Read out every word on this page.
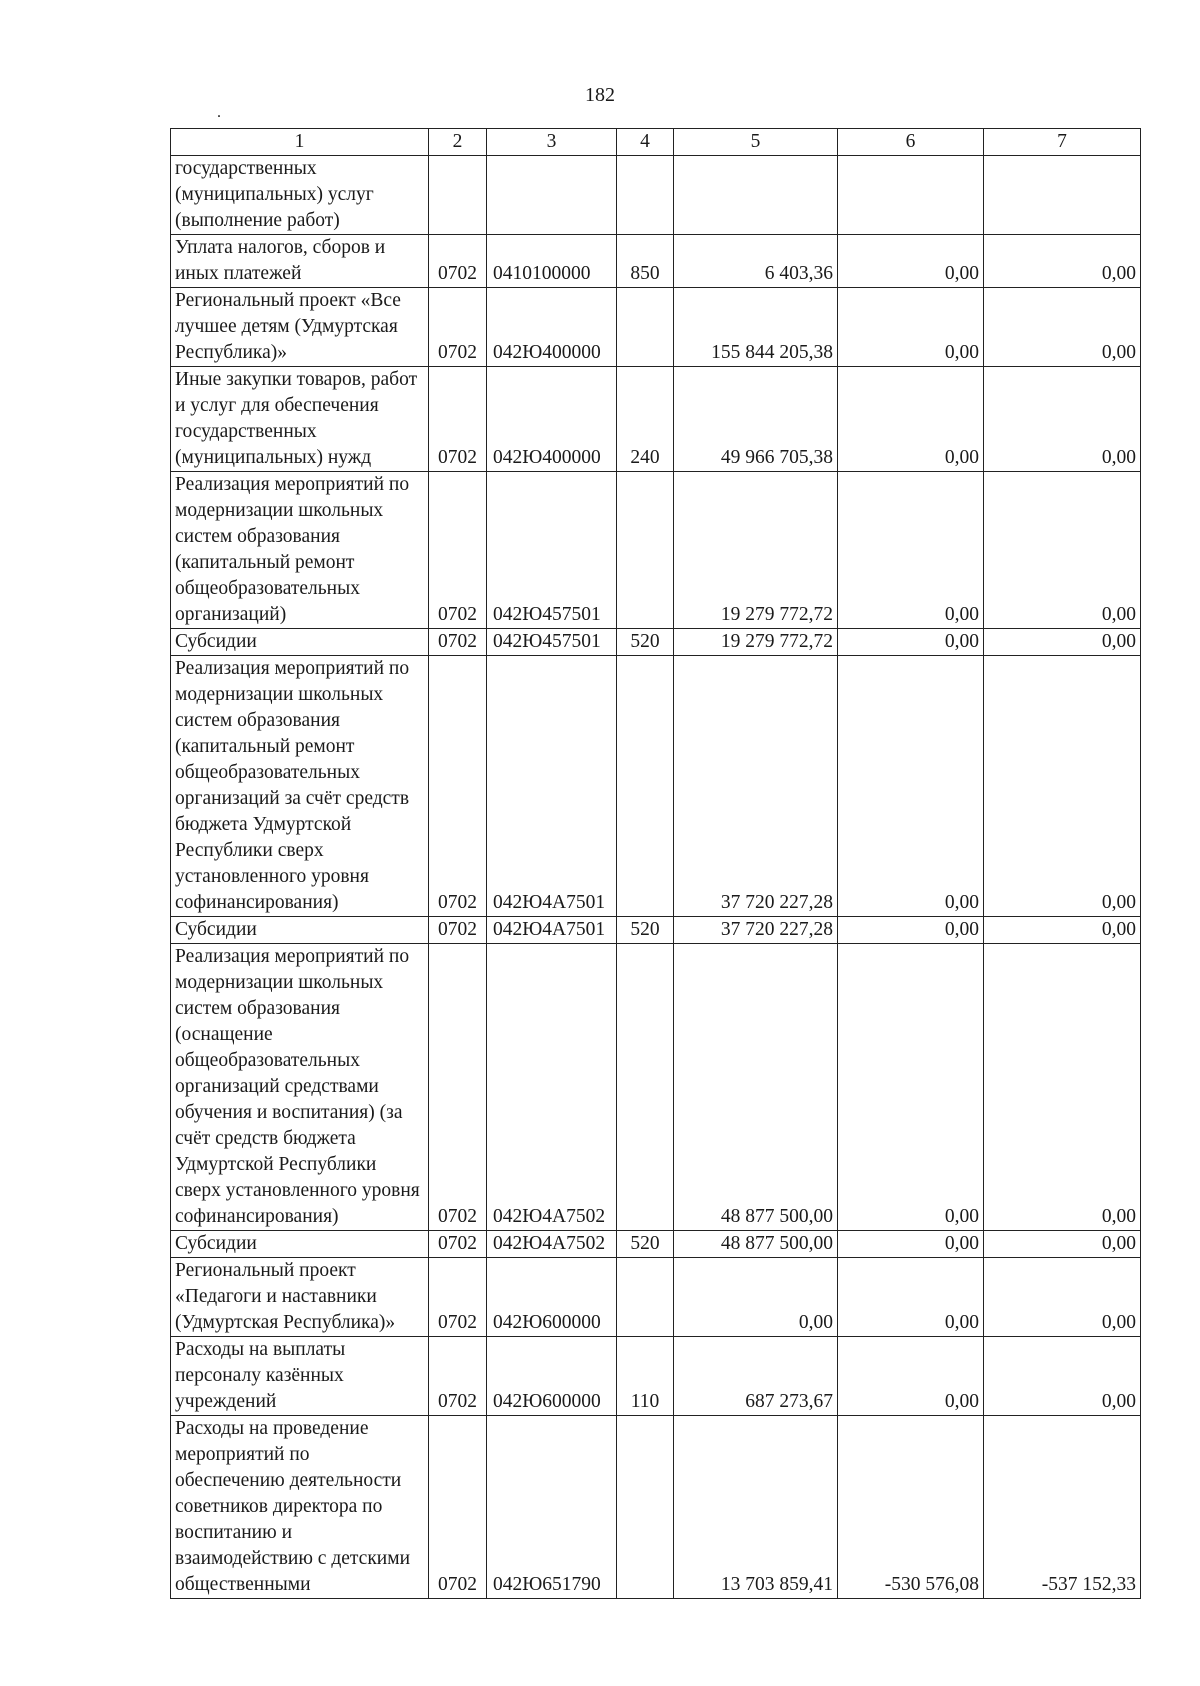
182
.
1	2	3	4	5	6	7
государственных (муниципальных) услуг (выполнение работ)						
Уплата налогов, сборов и иных платежей	0702	0410100000	850	6 403,36	0,00	0,00
Региональный проект «Все лучшее детям (Удмуртская Республика)»	0702	042Ю400000		155 844 205,38	0,00	0,00
Иные закупки товаров, работ и услуг для обеспечения государственных (муниципальных) нужд	0702	042Ю400000	240	49 966 705,38	0,00	0,00
Реализация мероприятий по модернизации школьных систем образования (капитальный ремонт общеобразовательных организаций)	0702	042Ю457501		19 279 772,72	0,00	0,00
Субсидии	0702	042Ю457501	520	19 279 772,72	0,00	0,00
Реализация мероприятий по модернизации школьных систем образования (капитальный ремонт общеобразовательных организаций за счёт средств бюджета Удмуртской Республики сверх установленного уровня софинансирования)	0702	042Ю4А7501		37 720 227,28	0,00	0,00
Субсидии	0702	042Ю4А7501	520	37 720 227,28	0,00	0,00
Реализация мероприятий по модернизации школьных систем образования (оснащение общеобразовательных организаций средствами обучения и воспитания) (за счёт средств бюджета Удмуртской Республики сверх установленного уровня софинансирования)	0702	042Ю4А7502		48 877 500,00	0,00	0,00
Субсидии	0702	042Ю4А7502	520	48 877 500,00	0,00	0,00
Региональный проект «Педагоги и наставники (Удмуртская Республика)»	0702	042Ю600000		0,00	0,00	0,00
Расходы на выплаты персоналу казённых учреждений	0702	042Ю600000	110	687 273,67	0,00	0,00
Расходы на проведение мероприятий по обеспечению деятельности советников директора по воспитанию и взаимодействию с детскими общественными	0702	042Ю651790		13 703 859,41	-530 576,08	-537 152,33
